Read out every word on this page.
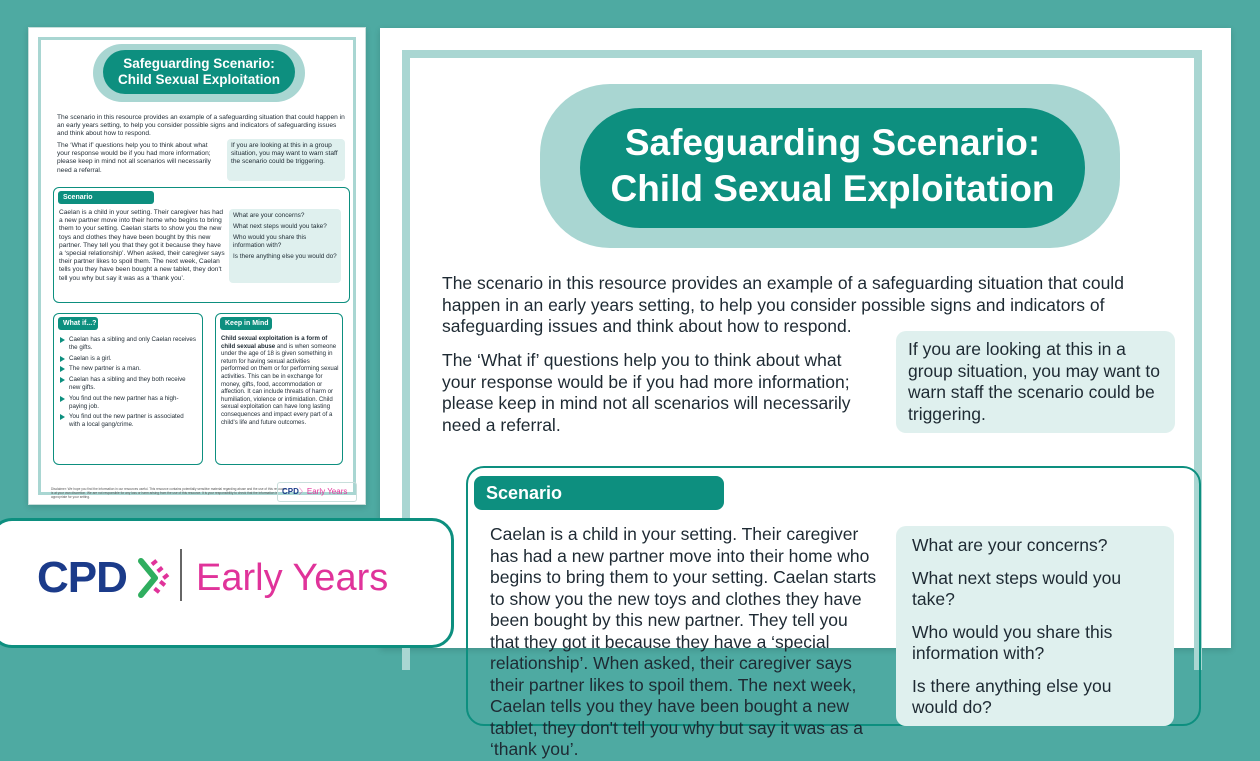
Safeguarding Scenario:
Child Sexual Exploitation
The scenario in this resource provides an example of a safeguarding situation that could happen in an early years setting, to help you consider possible signs and indicators of safeguarding issues and think about how to respond.
The ‘What if’ questions help you to think about what your response would be if you had more information; please keep in mind not all scenarios will necessarily need a referral.
If you are looking at this in a group situation, you may want to warn staff the scenario could be triggering.
Scenario
Caelan is a child in your setting. Their caregiver has had a new partner move into their home who begins to bring them to your setting. Caelan starts to show you the new toys and clothes they have been bought by this new partner. They tell you that they got it because they have a ‘special relationship’. When asked, their caregiver says their partner likes to spoil them. The next week, Caelan tells you they have been bought a new tablet, they don't tell you why but say it was as a ‘thank you’.
What are your concerns?
What next steps would you take?
Who would you share this information with?
Is there anything else you would do?
What if...?
Caelan has a sibling and only Caelan receives the gifts.
Caelan is a girl.
The new partner is a man.
Caelan has a sibling and they both receive new gifts.
You find out the new partner has a high-paying job.
You find out the new partner is associated with a local gang/crime.
Keep in Mind
Child sexual exploitation is a form of child sexual abuse and is when someone under the age of 18 is given something in return for having sexual activities performed on them or for performing sexual activities. This can be in exchange for money, gifts, food, accommodation or affection. It can include threats of harm or humiliation, violence or intimidation. Child sexual exploitation can have long lasting consequences and impact every part of a child's life and future outcomes.
Disclaimer: We hope you find the information in our resources useful. This resource contains potentially sensitive material regarding abuse and the use of this resource is at your own discretion. We are not responsible for any loss or harm arising from the use of this resource. It is your responsibility to check that the information is appropriate for your setting.
CPD〉Early Years
Safeguarding Scenario:
Child Sexual Exploitation
The scenario in this resource provides an example of a safeguarding situation that could happen in an early years setting, to help you consider possible signs and indicators of safeguarding issues and think about how to respond.
The ‘What if’ questions help you to think about what your response would be if you had more information; please keep in mind not all scenarios will necessarily need a referral.
If you are looking at this in a group situation, you may want to warn staff the scenario could be triggering.
Scenario
Caelan is a child in your setting. Their caregiver has had a new partner move into their home who begins to bring them to your setting. Caelan starts to show you the new toys and clothes they have been bought by this new partner. They tell you that they got it because they have a ‘special relationship’. When asked, their caregiver says their partner likes to spoil them. The next week, Caelan tells you they have been bought a new tablet, they don't tell you why but say it was as a ‘thank you’.
What are your concerns?
What next steps would you take?
Who would you share this information with?
Is there anything else you would do?
CPD Early Years
